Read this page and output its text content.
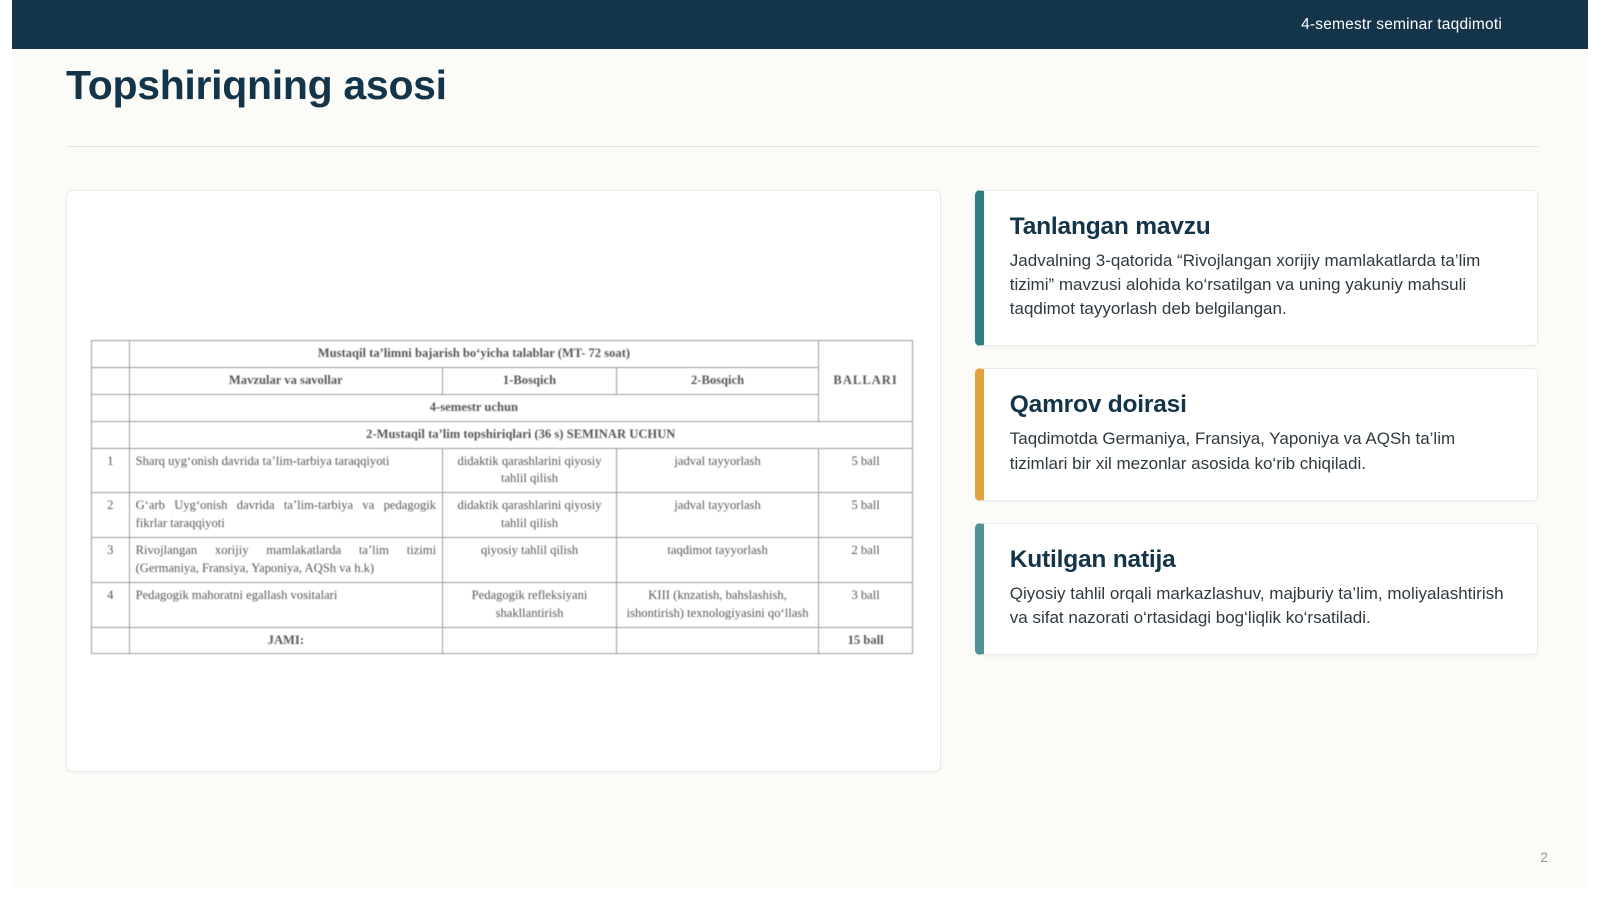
4-semestr seminar taqdimoti
Topshiriqning asosi
	Mustaqil ta’limni bajarish bo‘yicha talablar (MT- 72 soat)			BALLARI
	Mavzular va savollar	1-Bosqich	2-Bosqich	
	4-semestr uchun			
	2-Mustaqil ta’lim topshiriqlari (36 s) SEMINAR UCHUN			
1	Sharq uyg‘onish davrida ta’lim-tarbiya taraqqiyoti	didaktik qarashlarini qiyosiy tahlil qilish	jadval tayyorlash	5 ball
2	G‘arb Uyg‘onish davrida ta’lim-tarbiya va pedagogik fikrlar taraqqiyoti	didaktik qarashlarini qiyosiy tahlil qilish	jadval tayyorlash	5 ball
3	Rivojlangan xorijiy mamlakatlarda ta’lim tizimi (Germaniya, Fransiya, Yaponiya, AQSh va h.k)	qiyosiy tahlil qilish	taqdimot tayyorlash	2 ball
4	Pedagogik mahoratni egallash vositalari	Pedagogik refleksiyani shakllantirish	KIII (knzatish, bahslashish, ishontirish) texnologiyasini qo‘llash	3 ball
	JAMI:			15 ball
Tanlangan mavzu

Jadvalning 3-qatorida “Rivojlangan xorijiy mamlakatlarda ta’lim tizimi” mavzusi alohida ko‘rsatilgan va uning yakuniy mahsuli taqdimot tayyorlash deb belgilangan.

Qamrov doirasi

Taqdimotda Germaniya, Fransiya, Yaponiya va AQSh ta’lim tizimlari bir xil mezonlar asosida ko‘rib chiqiladi.

Kutilgan natija

Qiyosiy tahlil orqali markazlashuv, majburiy ta’lim, moliyalashtirish va sifat nazorati o‘rtasidagi bog‘liqlik ko‘rsatiladi.

2
